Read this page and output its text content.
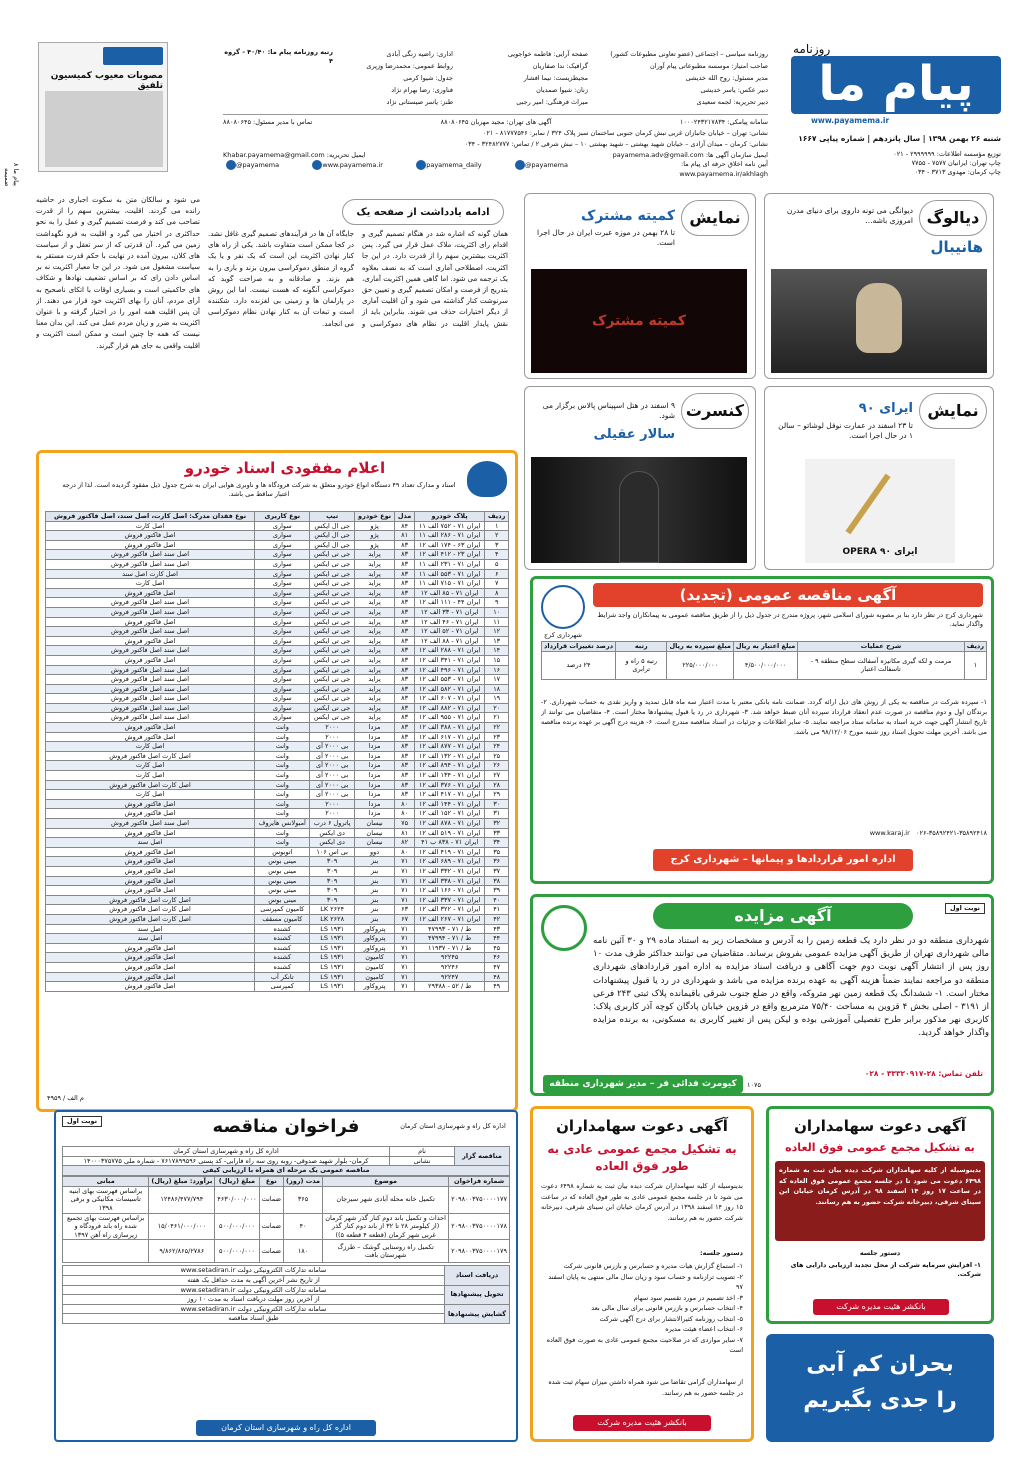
روزنامه
پیام ما
www.payamema.ir
شنبه ۲۶ بهمن ۱۳۹۸ | سال پانزدهم | شماره پیاپی ۱۶۶۷
توزیع مؤسسه اطلاعات: ۲۹۹۹۹۹۹ - ۰۲۱
چاپ تهران: ایرانیان ۷۵۷۷ - ۷۷۵۵
چاپ کرمان: مهدوی ۳۷۱۳ - ۰۳۴
روزنامه سیاسی – اجتماعی (عضو تعاونی مطبوعات کشور)
صاحب امتیاز: موسسه مطبوعاتی پیام آوران
مدیر مسئول: روح الله خدیشی
دبیر عکس: یاسر خدیشی
دبیر تحریریه: لجمه سعیدی
صفحه آرایی: فاطمه خواجویی
گرافیک: ندا صفاریان
مجیطزیست: نیما افشار
زنان: شیوا صمدیان
میراث فرهنگی: امیر رجبی
اداری: راضیه زنگی آبادی
روابط عمومی: محمدرضا وزیری
جدول: شیوا کرمی
فناوری: رضا بهرام نژاد
طنز: یاسر صیستانی نژاد
رتبه روزنامه پیام ما: ۴۰/۴۰ - گروه ۴
سامانه پیامکی: ۱۰۰۰۲۴۳۲۱۷۸۳۴
آگهی های تهران: مجید مهربان ۸۸۰۸۰۶۴۵
تماس با مدیر مسئول: ۸۸۰۸۰۶۴۵
نشانی: تهران – خیابان جانبازان غربی نبش کرمان جنوبی ساختمان سبز پلاک ۳۲۴ / نمابر: ۸۱۷۷۷۵۴۶ - ۰۲۱
نشانی: کرمان – میدان آزادی – خیابان شهید بهشتی – شهید بهشتی ۱۰ – نبش شرقی ۲ / تماس: ۳۲۴۸۲۷۷۷ - ۰۳۴
ایمیل سازمان آگهی ها: payamema.adv@gmail.com
ایمیل تحریریه: Khabar.payamema@gmail.com
@payamema	www.payamema.ir	payamema_daily	@payamema	آیین نامه اخلاق حرفه ای پیام ما:
www.payamema.ir/akhlagh
مصوبات معیوب کمیسیون تلفیق
پیام ما ۸ ضمیمه
دیالوگ
دیوانگی می تونه داروی برای دنیای مدرن امروزی باشه...
هانیبال
نمایش
کمیته مشترک
تا ۲۸ بهمن در موزه عبرت ایران در حال اجرا است.
کمیته مشترک
ادامه یادداشت از صفحه یک
همان گونه که اشاره شد در هنگام تصمیم گیری و اقدام رای اکثریت، ملاک عمل قرار می گیرد. پس اکثریت بیشترین سهم را از قدرت دارد. در این جا اکثریت، اصطلاحی آماری است که به نصف بعلاوه یک ترجمه می شود. اما گاهی همین اکثریت آماری، بتدریج از فرصت و امکان تصمیم گیری و تعیین حق سرنوشت کنار گذاشته می شود و آن اقلیت آماری از دیگر اختیارات حذف می شوند. بنابراین باید از نقش پایدار اقلیت در نظام های دموکراسی و جایگاه آن ها در فرآیندهای تصمیم گیری غافل نشد. در کجا ممکن است متفاوت باشد. یکی از راه های کنار نهادن اکثریت این است که یک نفر و یا یک گروه از منطق دموکراسی بیرون بزند و باری را به هم بزند. و صادقانه و به صراحت گوید که دموکراسی آنگونه که هست نیست. اما این روش در پارلمان ها و زمینی بی لغزنده دارد. شکننده است و تبعات آن به کنار نهادن نظام دموکراسی می انجامد.
می شود و سالکان متن به سکوت اجباری در حاشیه رانده می گردند. اقلیت، بیشترین سهم را از قدرت تصاحب می کند و فرصت تصمیم گیری و عمل را به نحو حداکثری در اختیار می گیرد و اقلیت به فرو نگهداشت زمین می گیرد. آن قدرتی که از سر تعقل و از سیاست های کلان، بیرون آمده در نهایت با حکم قدرت مستقر به سیاست مشغول می شود. در این جا معیار اکثریت نه بر اساس دادن رای که بر اساس تضعیف نهادها و شکاف های حاکمیتی است و بسیاری اوقات با اتکای ناصحیح به آرای مردم، آنان را بهای اکثریت خود قرار می دهند. از آن پس اقلیت همه امور را در اختیار گرفته و با عنوان اکثریت به ضرر و زیان مردم عمل می کند. این بدان معنا نیست که همه جا چنین است و ممکن است اکثریت و اقلیت واقعی به جای هم قرار گیرند.
نمایش
ایرای ۹۰
تا ۲۳ اسفند در عمارت نوفل لوشاتو – سالن ۱ در حال اجرا است.
ایرای ۹۰ OPERA
کنسرت
۹ اسفند در هتل اسپیناس پالاس برگزار می شود.
سالار عقیلی
اعلام مفقودی اسناد خودرو
اسناد و مدارک تعداد ۴۹ دستگاه انواع خودرو متعلق به شرکت فرودگاه ها و ناوبری هوایی ایران به شرح جدول ذیل مفقود گردیده است. لذا از درجه اعتبار ساقط می باشد.
ردیف	پلاک خودرو	مدل	نوع خودرو	تیپ	نوع کاربری	نوع فقدان مدرک: اصل کارت، اصل سند، اصل فاکتور فروش
۱	ایران ۷۱ - ۷۵۲ الف ۱۱	۸۴	پژو	جی ال ایکس	سواری	اصل کارت
۲	ایران ۷۱ - ۲۸۶ الف ۱۱	۸۱	پژو	جی ال ایکس	سواری	اصل فاکتور فروش
۳	ایران ۶۳ - ۱۷۴ الف ۱۲	۸۳	پژو	جی ال ایکس	سواری	اصل فاکتور فروش
۴	ایران ۲۳ - ۴۱۲ الف ۱۲	۸۳	پراید	جی تی ایکس	سواری	اصل سند اصل فاکتور فروش
۵	ایران ۷۱ - ۲۳۱ الف ۱۱	۸۳	پراید	جی تی ایکس	سواری	اصل سند اصل فاکتور فروش
۶	ایران ۷۱ - ۵۵۳ الف ۱۱	۸۳	پراید	جی تی ایکس	سواری	اصل کارت اصل سند
۷	ایران ۷۱ - ۷۱۵ الف ۱۱	۸۳	پراید	جی تی ایکس	سواری	اصل کارت
۸	ایران ۷۱ - ۸۵ الف ۱۲	۸۳	پراید	جی تی ایکس	سواری	اصل فاکتور فروش
۹	ایران ۴۴ - ۱۱۱ الف ۱۲	۸۳	پراید	جی تی ایکس	سواری	اصل سند اصل فاکتور فروش
۱۰	ایران ۷۱ - ۳۳ الف ۱۲	۸۳	پراید	جی تی ایکس	سواری	اصل سند اصل فاکتور فروش
۱۱	ایران ۷۱ - ۴۶ الف ۱۲	۸۳	پراید	جی تی ایکس	سواری	اصل فاکتور فروش
۱۲	ایران ۷۱ - ۵۲ الف ۱۲	۸۳	پراید	جی تی ایکس	سواری	اصل سند اصل فاکتور فروش
۱۳	ایران ۷۱ - ۸۸ الف ۱۲	۸۳	پراید	جی تی ایکس	سواری	اصل فاکتور فروش
۱۴	ایران ۷۱ - ۲۸۸ الف ۱۲	۸۳	پراید	جی تی ایکس	سواری	اصل سند اصل فاکتور فروش
۱۵	ایران ۷۱ - ۳۴۱ الف ۱۲	۸۳	پراید	جی تی ایکس	سواری	اصل فاکتور فروش
۱۶	ایران ۷۱ - ۴۹۶ الف ۱۲	۸۳	پراید	جی تی ایکس	سواری	اصل سند اصل فاکتور فروش
۱۷	ایران ۷۱ - ۵۵۳ الف ۱۲	۸۳	پراید	جی تی ایکس	سواری	اصل سند اصل فاکتور فروش
۱۸	ایران ۷۱ - ۵۸۲ الف ۱۲	۸۳	پراید	جی تی ایکس	سواری	اصل سند اصل فاکتور فروش
۱۹	ایران ۷۱ - ۶۰۷ الف ۱۲	۸۳	پراید	جی تی ایکس	سواری	اصل سند اصل فاکتور فروش
۲۰	ایران ۷۱ - ۸۸۲ الف ۱۲	۸۳	پراید	جی تی ایکس	سواری	اصل سند اصل فاکتور فروش
۲۱	ایران ۷۱ - ۹۵۵ الف ۱۲	۸۳	پراید	جی تی ایکس	سواری	اصل سند اصل فاکتور فروش
۲۲	ایران ۷۱ - ۳۸۸ الف ۱۲	۸۳	مزدا	۲۰۰۰	وانت	اصل فاکتور فروش
۲۳	ایران ۷۱ - ۶۱۷ الف ۱۲	۸۳	مزدا	۲۰۰۰	وانت	اصل فاکتور فروش
۲۴	ایران ۷۱ - ۸۷۷ الف ۱۲	۸۳	مزدا	بی ۲۰۰۰ آی	وانت	اصل کارت
۲۵	ایران ۷۱ - ۱۳۲ الف ۱۲	۸۳	مزدا	بی ۲۰۰۰ آی	وانت	اصل کارت اصل فاکتور فروش
۲۶	ایران ۷۱ - ۸۹۴ الف ۱۲	۸۳	مزدا	بی ۲۰۰۰ آی	وانت	اصل کارت
۲۷	ایران ۷۱ - ۱۳۴ الف ۱۲	۸۳	مزدا	بی ۲۰۰۰ آی	وانت	اصل کارت
۲۸	ایران ۷۱ - ۳۷۶ الف ۱۲	۸۳	مزدا	بی ۲۰۰۰ آی	وانت	اصل کارت اصل فاکتور فروش
۲۹	ایران ۷۱ - ۴۱۷ الف ۱۲	۸۳	مزدا	بی ۲۰۰۰ آی	وانت	اصل کارت
۳۰	ایران ۷۱ - ۱۴۴ الف ۱۲	۸۰	مزدا	۲۰۰۰	وانت	اصل فاکتور فروش
۳۱	ایران ۷۱ - ۱۵۲ الف ۱۲	۸۰	مزدا	۲۰۰۰	وانت	اصل فاکتور فروش
۳۲	ایران ۷۱ - ۸۷۸ الف ۱۲	۷۵	نیسان	پاترول ۶ درب	آمبولانس هایروف	اصل سند اصل فاکتور فروش
۳۳	ایران ۷۱ - ۵۱۹ الف ۱۲	۸۱	نیسان	دی ایکس	وانت	اصل فاکتور فروش
۳۴	ایران ۷۱ - ۸۳۸ ب ۴۱	۸۲	نیسان	دی ایکس	وانت	اصل سند
۳۵	ایران ۷۱ - ۴۱۹ الف ۱۲	۸۰	دوو	بی اس ۱۰۶	اتوبوس	اصل فاکتور فروش
۳۶	ایران ۷۱ - ۶۸۹ الف ۱۲	۷۱	بنز	۳۰۹	مینی بوس	اصل فاکتور فروش
۳۷	ایران ۷۱ - ۳۳۲ الف ۱۲	۷۱	بنز	۳۰۹	مینی بوس	اصل فاکتور فروش
۳۸	ایران ۷۱ - ۳۳۸ الف ۱۲	۷۱	بنز	۳۰۹	مینی بوس	اصل فاکتور فروش
۳۹	ایران ۷۱ - ۱۶۶ الف ۱۲	۷۱	بنز	۳۰۹	مینی بوس	اصل فاکتور فروش
۴۰	ایران ۷۱ - ۳۳۷ الف ۱۲	۷۱	بنز	۳۰۹	مینی بوس	اصل کارت اصل فاکتور فروش
۴۱	ایران ۷۱ - ۳۲۲ الف ۱۲	۶۳	بنز	LK ۲۶۲۴	کامیون کمپرسی	اصل کارت اصل فاکتور فروش
۴۲	ایران ۷۱ - ۲۶۷ الف ۱۲	۶۷	بنز	LK ۲۶۲۸	کامیون مسقف	اصل کارت اصل فاکتور فروش
۴۳	ط / ۷۱ - ۴۷۹۹۳	۷۱	پتروکاور	LS ۱۹۳۱	کشنده	اصل سند
۴۴	ط / ۷۱ - ۴۷۹۹۴	۷۱	پتروکاور	LS ۱۹۳۱	کشنده	اصل سند
۴۵	ط / ۷۱ - ۱۱۹۳۷	۷۱	پتروکاور	LS ۱۹۳۱	کشنده	اصل فاکتور فروش
۴۶	۹۲۲۴۵	۷۱	کامیون	LS ۱۹۳۱	کشنده	اصل فاکتور فروش
۴۷	۹۲۲۴۶	۷۱	کامیون	LS ۱۹۳۱	کشنده	اصل فاکتور فروش
۴۸	۹۲۲۴۷	۷۱	کامیون	LS ۱۹۳۱	تانکر آب	اصل فاکتور فروش
۴۹	ط / ۵۲ - ۲۹۳۸۸	۷۱	پتروکاور	LS ۱۹۳۱	کمپرسی	اصل فاکتور فروش
م الف / ۴۹۵۹
آگهی مناقصه عمومی (تجدید)
شهرداری کرج
شهرداری کرج در نظر دارد بنا بر مصوبه شورای اسلامی شهر، پروژه مندرج در جدول ذیل را از طریق مناقصه عمومی به پیمانکاران واجد شرایط واگذار نماید.
ردیف	شرح عملیات	مبلغ اعتبار به ریال	مبلغ سپرده به ریال	رتبه	درصد تغییرات قرارداد
۱	مرمت و لکه گیری مکانیزه آسفالت سطح منطقه ۹ - تاسفالت اعتبار	۴/۵۰۰/۰۰۰/۰۰۰	۲۲۵/۰۰۰/۰۰۰	رتبه ۵ راه و ترابری	۲۴ درصد
۱- سپرده شرکت در مناقصه به یکی از روش های ذیل ارائه گردد. ضمانت نامه بانکی معتبر با مدت اعتبار سه ماه قابل تمدید و واریز نقدی به حساب شهرداری. ۲- برندگان اول و دوم مناقصه در صورت عدم انعقاد قرارداد سپرده آنان ضبط خواهد شد. ۳- شهرداری در رد یا قبول پیشنهادها مختار است. ۴- متقاضیان می توانند از تاریخ انتشار آگهی جهت خرید اسناد به سامانه ستاد مراجعه نمایند. ۵- سایر اطلاعات و جزئیات در اسناد مناقصه مندرج است. ۶- هزینه درج آگهی بر عهده برنده مناقصه می باشد. آخرین مهلت تحویل اسناد روز شنبه مورخ ۹۸/۱۲/۰۶ می باشد.
www.karaj.ir ۰۲۶-۳۵۸۹۲۴۲۱-۳۵۸۹۲۴۱۸
اداره امور قراردادها و پیمانها – شهرداری کرج
نوبت اول
آگهی مزایده
شهرداری منطقه دو در نظر دارد یک قطعه زمین را به آدرس و مشخصات زیر به استناد ماده ۲۹ و ۳۰ آئین نامه مالی شهرداری تهران از طریق آگهی مزایده عمومی بفروش برساند. متقاضیان می توانند حداکثر ظرف مدت ۱۰ روز پس از انتشار آگهی نوبت دوم جهت آگاهی و دریافت اسناد مزایده به اداره امور قراردادهای شهرداری منطقه دو مراجعه نمایند ضمناً هزینه آگهی به عهده برنده مزایده می باشد و شهرداری در رد یا قبول پیشنهادات مختار است. ۱- ششدانگ یک قطعه زمین نهر متروکه، واقع در ضلع جنوب شرقی باقیمانده پلاک ثبتی ۲۴۳ فرعی از ۳۱۹۱ - اصلی بخش ۴ قزوین به مساحت ۷۵/۴۰ مترمربع واقع در قزوین خیابان پادگان کوچه آذر کاربری پلاک: کاربری نهر مذکور برابر طرح تفصیلی آموزشی بوده و لیکن پس از تغییر کاربری به مسکونی، به برنده مزایده واگذار خواهد گردید.
تلفن تماس: ۲۸-۳۳۳۲۰۹۱۷ - ۰۲۸
کیومرث فدائی فر – مدیر شهرداری منطقه دو
۱۰۷۵
نوبت اول	فراخوان مناقصه	اداره کل راه و شهرسازی استان کرمان
مناقصه گزار	نام	اداره کل راه و شهرسازی استان کرمان
	نشانی	کرمان- بلوار شهید صدوقی- روبه روی سه راه فارابی- کد پستی ۷۶۱۷۸۹۹۵۹۶ - شماره ملی ۱۴۰۰۰۳۷۵۷۷۵
مناقصه عمومی یک مرحله ای همراه با ارزیابی کیفی
شماره فراخوان	موضوع	مدت (روز)	نوع	مبلغ (ریال)	برآورد: مبلغ (ریال)	مبانی
۲۰۹۸۰۰۳۷۵۰۰۰۰۱۷۷	تکمیل خانه محله آبادی شهر سیرجان	۳۶۵	ضمانت	۴۶۳۰/۰۰۰/۰۰۰	۱۲۴۸۶/۴۷۷/۷۹۴	براساس فهرست بهای ابنیه تاسیسات مکانیکی و برقی ۱۳۹۸
۲۰۹۸۰۰۳۷۵۰۰۰۰۱۷۸	احداث و تکمیل باند دوم کنار گذر شهر کرمان (از کیلومتر ۲۸ تا ۳۲ از باند دوم کنار گذر غربی شهر کرمان (قطعه ۴ قطعه ۵))	۴۰	ضمانت	۵۰۰/۰۰۰/۰۰۰	۱۵/۰۴۶۱/۰۰۰/۰۰۰	براساس فهرست بهای تجمیع شده راه باند فرودگاه و زیرسازی راه آهن ۱۳۹۷
۲۰۹۸۰۰۳۷۵۰۰۰۰۱۷۹	تکمیل راه روستایی گوشک – طرزگ شهرستان بافت	۱۸۰	ضمانت	۵۰۰/۰۰۰/۰۰۰	۹/۸۶۲/۸۶۵/۲۷۸۶	
دریافت اسناد	سامانه تدارکات الکترونیکی دولت www.setadiran.ir
	از تاریخ نشر آخرین آگهی به مدت حداقل یک هفته
تحویل پیشنهادها	سامانه تدارکات الکترونیکی دولت www.setadiran.ir
	از آخرین روز مهلت دریافت اسناد به مدت ۱۰ روز
گشایش پیشنهادها	سامانه تدارکات الکترونیکی دولت www.setadiran.ir
	طبق اسناد مناقصه
اداره کل راه و شهرسازی استان کرمان
آگهی دعوت سهامداران
به تشکیل مجمع عمومی عادی به طور فوق العاده
بدینوسیله از کلیه سهامداران شرکت دیده بیان ثبت به شماره ۶۴۹۸ دعوت می شود تا در جلسه مجمع عمومی عادی به طور فوق العاده که در ساعت ۱۵ روز ۱۴ اسفند ۱۳۹۸ در آدرس کرمان خیابان ابن سینای شرقی، دبیرخانه شرکت حضور به هم رسانند.
دستور جلسه:
۱- استماع گزارش هیات مدیره و حسابرس و بازرس قانونی شرکت
۲- تصویب ترازنامه و حساب سود و زیان سال مالی منتهی به پایان اسفند ۹۷
۳- اخذ تصمیم در مورد تقسیم سود سهام
۴- انتخاب حسابرس و بازرس قانونی برای سال مالی بعد
۵- انتخاب روزنامه کثیرالانتشار برای درج آگهی شرکت
۶- انتخاب اعضاء هیئت مدیره
۷- سایر مواردی که در صلاحیت مجمع عمومی عادی به صورت فوق العاده است
از سهامداران گرامی تقاضا می شود همراه داشتن میزان سهام ثبت شده در جلسه حضور به هم رسانند.
بانکشر هئیت مدیره شرکت
آگهی دعوت سهامداران
به تشکیل مجمع عمومی فوق العاده
بدینوسیله از کلیه سهامداران شرکت دیده بیان ثبت به شماره ۶۴۹۸ دعوت می شود تا در جلسه مجمع عمومی فوق العاده که در ساعت ۱۷ روز ۱۴ اسفند ۹۸ در آدرس کرمان خیابان ابن سینای شرقی، دبیرخانه شرکت حضور به هم رسانند.
دستور جلسه
۱- افزایش سرمایه شرکت از محل تجدید ارزیابی دارایی های شرکت.
بانکشر هئیت مدیره شرکت
بحران کم آبی
را جدی بگیریم
